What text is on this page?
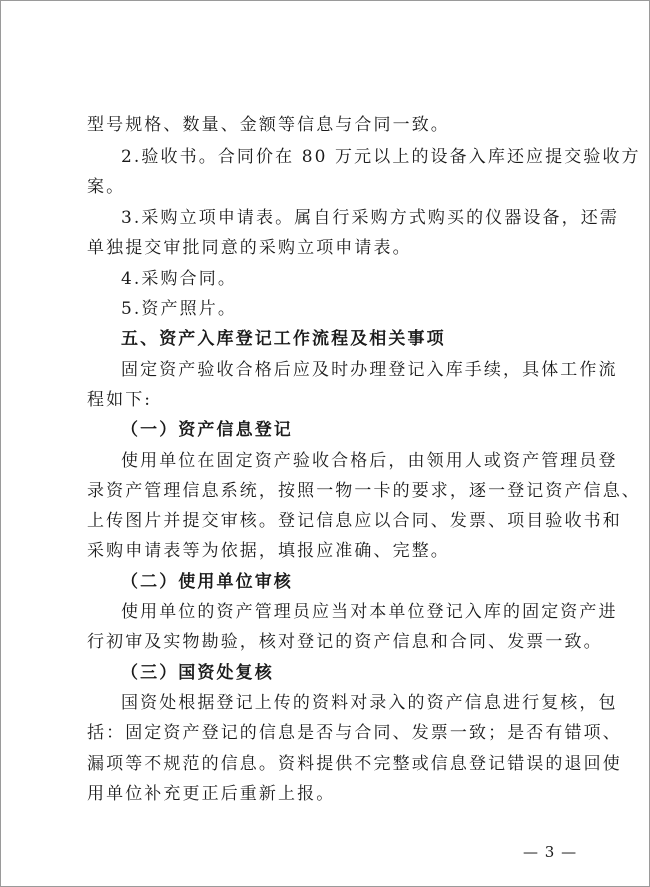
型号规格、数量、金额等信息与合同一致。
2.验收书。合同价在 80 万元以上的设备入库还应提交验收方
案。
3.采购立项申请表。属自行采购方式购买的仪器设备，还需
单独提交审批同意的采购立项申请表。
4.采购合同。
5.资产照片。
五、资产入库登记工作流程及相关事项
固定资产验收合格后应及时办理登记入库手续，具体工作流
程如下:
（一）资产信息登记
使用单位在固定资产验收合格后，由领用人或资产管理员登
录资产管理信息系统，按照一物一卡的要求，逐一登记资产信息、
上传图片并提交审核。登记信息应以合同、发票、项目验收书和
采购申请表等为依据，填报应准确、完整。
（二）使用单位审核
使用单位的资产管理员应当对本单位登记入库的固定资产进
行初审及实物勘验，核对登记的资产信息和合同、发票一致。
（三）国资处复核
国资处根据登记上传的资料对录入的资产信息进行复核，包
括：固定资产登记的信息是否与合同、发票一致；是否有错项、
漏项等不规范的信息。资料提供不完整或信息登记错误的退回使
用单位补充更正后重新上报。
— 3 —
